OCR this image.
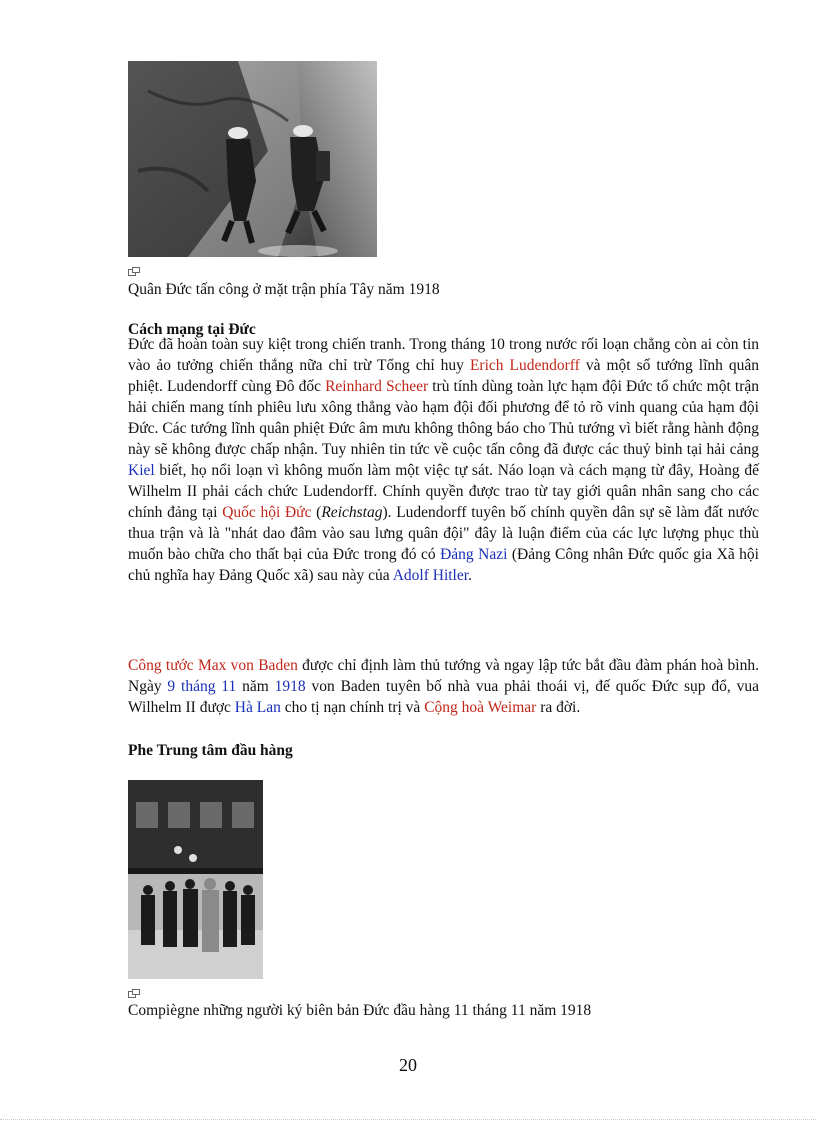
Quân Đức tấn công ở mặt trận phía Tây năm 1918
Cách mạng tại Đức
Đức đã hoàn toàn suy kiệt trong chiến tranh. Trong tháng 10 trong nước rối loạn chẳng còn ai còn tin vào ảo tưởng chiến thắng nữa chỉ trừ Tổng chỉ huy Erich Ludendorff và một số tướng lĩnh quân phiệt. Ludendorff cùng Đô đốc Reinhard Scheer trù tính dùng toàn lực hạm đội Đức tổ chức một trận hải chiến mang tính phiêu lưu xông thẳng vào hạm đội đối phương để tỏ rõ vinh quang của hạm đội Đức. Các tướng lĩnh quân phiệt Đức âm mưu không thông báo cho Thủ tướng vì biết rằng hành động này sẽ không được chấp nhận. Tuy nhiên tin tức về cuộc tấn công đã được các thuỷ binh tại hải cảng Kiel biết, họ nổi loạn vì không muốn làm một việc tự sát. Náo loạn và cách mạng từ đây, Hoàng đế Wilhelm II phải cách chức Ludendorff. Chính quyền được trao từ tay giới quân nhân sang cho các chính đảng tại Quốc hội Đức (Reichstag). Ludendorff tuyên bố chính quyền dân sự sẽ làm đất nước thua trận và là "nhát dao đâm vào sau lưng quân đội" đây là luận điểm của các lực lượng phục thù muốn bào chữa cho thất bại của Đức trong đó có Đảng Nazi (Đảng Công nhân Đức quốc gia Xã hội chủ nghĩa hay Đảng Quốc xã) sau này của Adolf Hitler.
Công tước Max von Baden được chỉ định làm thủ tướng và ngay lập tức bắt đầu đàm phán hoà bình. Ngày 9 tháng 11 năm 1918 von Baden tuyên bố nhà vua phải thoái vị, đế quốc Đức sụp đổ, vua Wilhelm II được Hà Lan cho tị nạn chính trị và Cộng hoà Weimar ra đời.
Phe Trung tâm đầu hàng
Compiègne những người ký biên bản Đức đầu hàng 11 tháng 11 năm 1918
20
